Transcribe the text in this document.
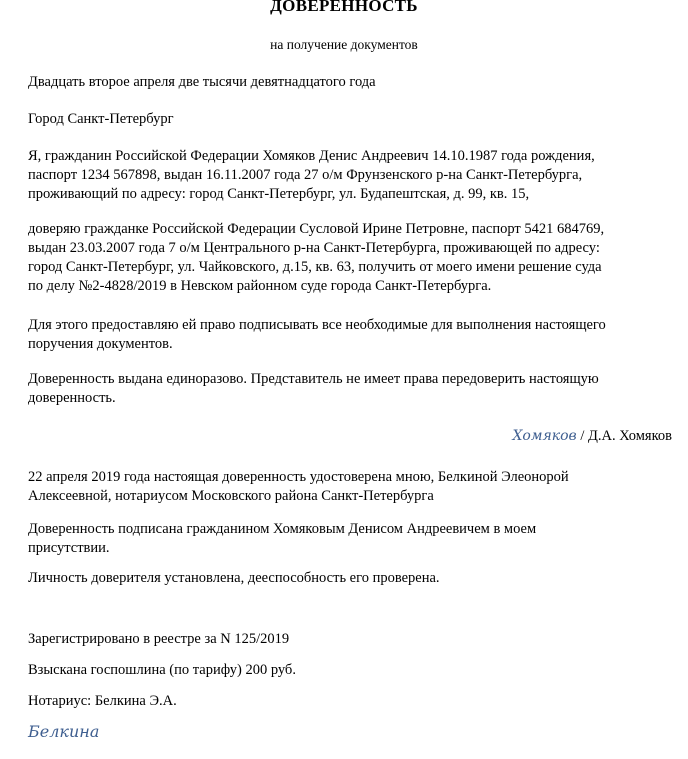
ДОВЕРЕННОСТЬ
на получение документов

Двадцать второе апреля две тысячи девятнадцатого года

Город Санкт-Петербург

Я, гражданин Российской Федерации Хомяков Денис Андреевич 14.10.1987 года рождения,
паспорт 1234 567898, выдан 16.11.2007 года 27 о/м Фрунзенского р-на Санкт-Петербурга,
проживающий по адресу: город Санкт-Петербург, ул. Будапештская, д. 99, кв. 15,
доверяю гражданке Российской Федерации Сусловой Ирине Петровне, паспорт 5421 684769,
выдан 23.03.2007 года 7 о/м Центрального р-на Санкт-Петербурга, проживающей по адресу:
город Санкт-Петербург, ул. Чайковского, д.15, кв. 63, получить от моего имени решение суда
по делу №2-4828/2019 в Невском районном суде города Санкт-Петербурга.
Для этого предоставляю ей право подписывать все необходимые для выполнения настоящего
поручения документов.
Доверенность выдана единоразово. Представитель не имеет права передоверить настоящую
доверенность.
Хомяков / Д.А. Хомяков
22 апреля 2019 года настоящая доверенность удостоверена мною, Белкиной Элеонорой
Алексеевной, нотариусом Московского района Санкт-Петербурга
Доверенность подписана гражданином Хомяковым Денисом Андреевичем в моем
присутствии.

Личность доверителя установлена, дееспособность его проверена.

Зарегистрировано в реестре за N 125/2019

Взыскана госпошлина (по тарифу) 200 руб.

Нотариус: Белкина Э.А.

Белкина
